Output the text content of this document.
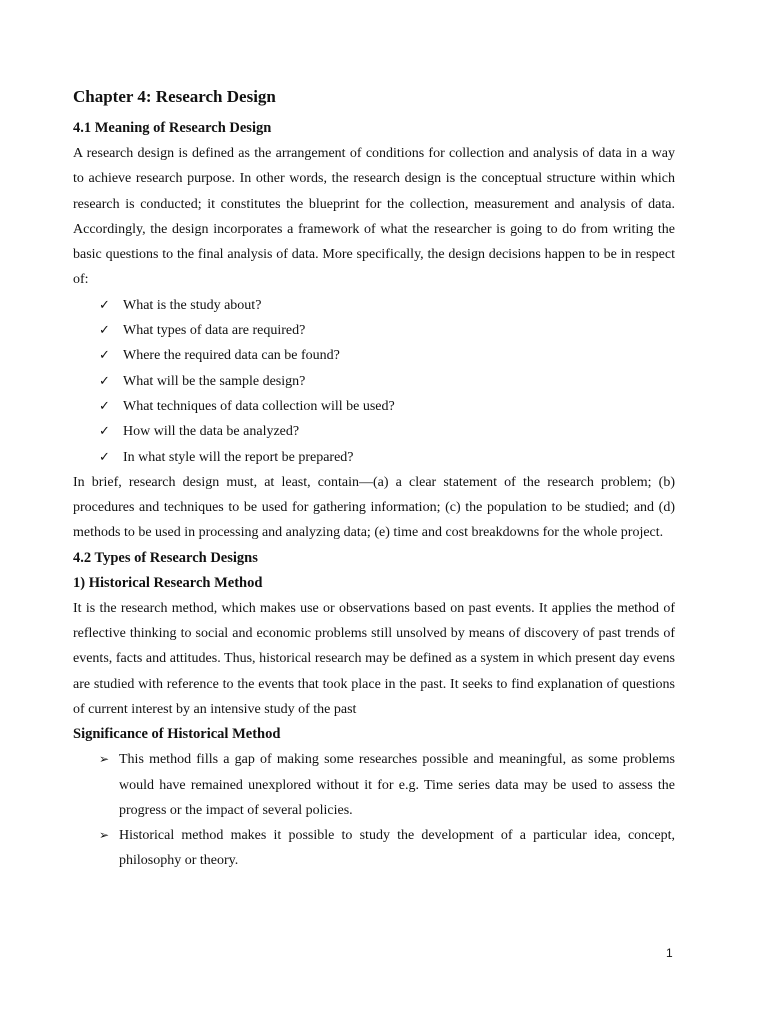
Chapter 4: Research Design
4.1 Meaning of Research Design

A research design is defined as the arrangement of conditions for collection and analysis of data in a way to achieve research purpose. In other words, the research design is the conceptual structure within which research is conducted; it constitutes the blueprint for the collection, measurement and analysis of data. Accordingly, the design incorporates a framework of what the researcher is going to do from writing the basic questions to the final analysis of data. More specifically, the design decisions happen to be in respect of:

✓ What is the study about?
✓ What types of data are required?
✓ Where the required data can be found?
✓ What will be the sample design?
✓ What techniques of data collection will be used?
✓ How will the data be analyzed?
✓ In what style will the report be prepared?

In brief, research design must, at least, contain—(a) a clear statement of the research problem; (b) procedures and techniques to be used for gathering information; (c) the population to be studied; and (d) methods to be used in processing and analyzing data; (e) time and cost breakdowns for the whole project.

4.2 Types of Research Designs
1) Historical Research Method

It is the research method, which makes use or observations based on past events. It applies the method of reflective thinking to social and economic problems still unsolved by means of discovery of past trends of events, facts and attitudes. Thus, historical research may be defined as a system in which present day evens are studied with reference to the events that took place in the past. It seeks to find explanation of questions of current interest by an intensive study of the past

Significance of Historical Method
➢ This method fills a gap of making some researches possible and meaningful, as some problems would have remained unexplored without it for e.g. Time series data may be used to assess the progress or the impact of several policies.
➢ Historical method makes it possible to study the development of a particular idea, concept, philosophy or theory.
1
